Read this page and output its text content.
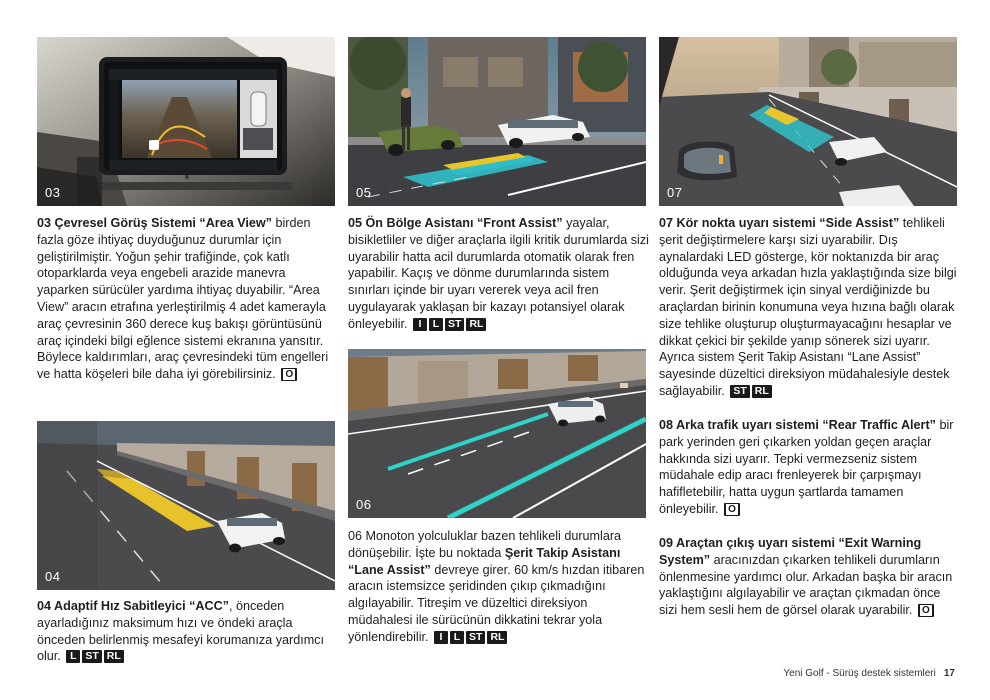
03	05	07
06
04
03 Çevresel Görüş Sistemi “Area View” birden fazla göze ihtiyaç duyduğunuz durumlar için geliştirilmiştir. Yoğun şehir trafiğinde, çok katlı otoparklarda veya engebeli arazide manevra yaparken sürücüler yardıma ihtiyaç duyabilir. “Area View” aracın etrafına yerleştirilmiş 4 adet kamerayla araç çevresinin 360 derece kuş bakışı görüntüsünü araç içindeki bilgi eğlence sistemi ekranına yansıtır. Böylece kaldırımları, araç çevresindeki tüm engelleri ve hatta köşeleri bile daha iyi görebilirsiniz. O
05 Ön Bölge Asistanı “Front Assist” yayalar, bisikletliler ve diğer araçlarla ilgili kritik durumlarda sizi uyarabilir hatta acil durumlarda otomatik olarak fren yapabilir. Kaçış ve dönme durumlarında sistem sınırları içinde bir uyarı vererek veya acil fren uygulayarak yaklaşan bir kazayı potansiyel olarak önleyebilir. I L ST RL
07 Kör nokta uyarı sistemi “Side Assist” tehlikeli şerit değiştirmelere karşı sizi uyarabilir. Dış aynalardaki LED gösterge, kör noktanızda bir araç olduğunda veya arkadan hızla yaklaştığında size bilgi verir. Şerit değiştirmek için sinyal verdiğinizde bu araçlardan birinin konumuna veya hızına bağlı olarak size tehlike oluşturup oluşturmayacağını hesaplar ve dikkat çekici bir şekilde yanıp sönerek sizi uyarır. Ayrıca sistem Şerit Takip Asistanı “Lane Assist” sayesinde düzeltici direksiyon müdahalesiyle destek sağlayabilir. ST RL
08 Arka trafik uyarı sistemi “Rear Traffic Alert” bir park yerinden geri çıkarken yoldan geçen araçlar hakkında sizi uyarır. Tepki vermezseniz sistem müdahale edip aracı frenleyerek bir çarpışmayı hafifletebilir, hatta uygun şartlarda tamamen önleyebilir. O
09 Araçtan çıkış uyarı sistemi “Exit Warning System” aracınızdan çıkarken tehlikeli durumların önlenmesine yardımcı olur. Arkadan başka bir aracın yaklaştığını algılayabilir ve araçtan çıkmadan önce sizi hem sesli hem de görsel olarak uyarabilir. O
06 Monoton yolculuklar bazen tehlikeli durumlara dönüşebilir. İşte bu noktada Şerit Takip Asistanı “Lane Assist” devreye girer. 60 km/s hızdan itibaren aracın istemsizce şeridinden çıkıp çıkmadığını algılayabilir. Titreşim ve düzeltici direksiyon müdahalesi ile sürücünün dikkatini tekrar yola yönlendirebilir. I L ST RL
04 Adaptif Hız Sabitleyici “ACC”, önceden ayarladığınız maksimum hızı ve öndeki araçla önceden belirlenmiş mesafeyi korumanıza yardımcı olur. L ST RL
Yeni Golf - Sürüş destek sistemleri 17
